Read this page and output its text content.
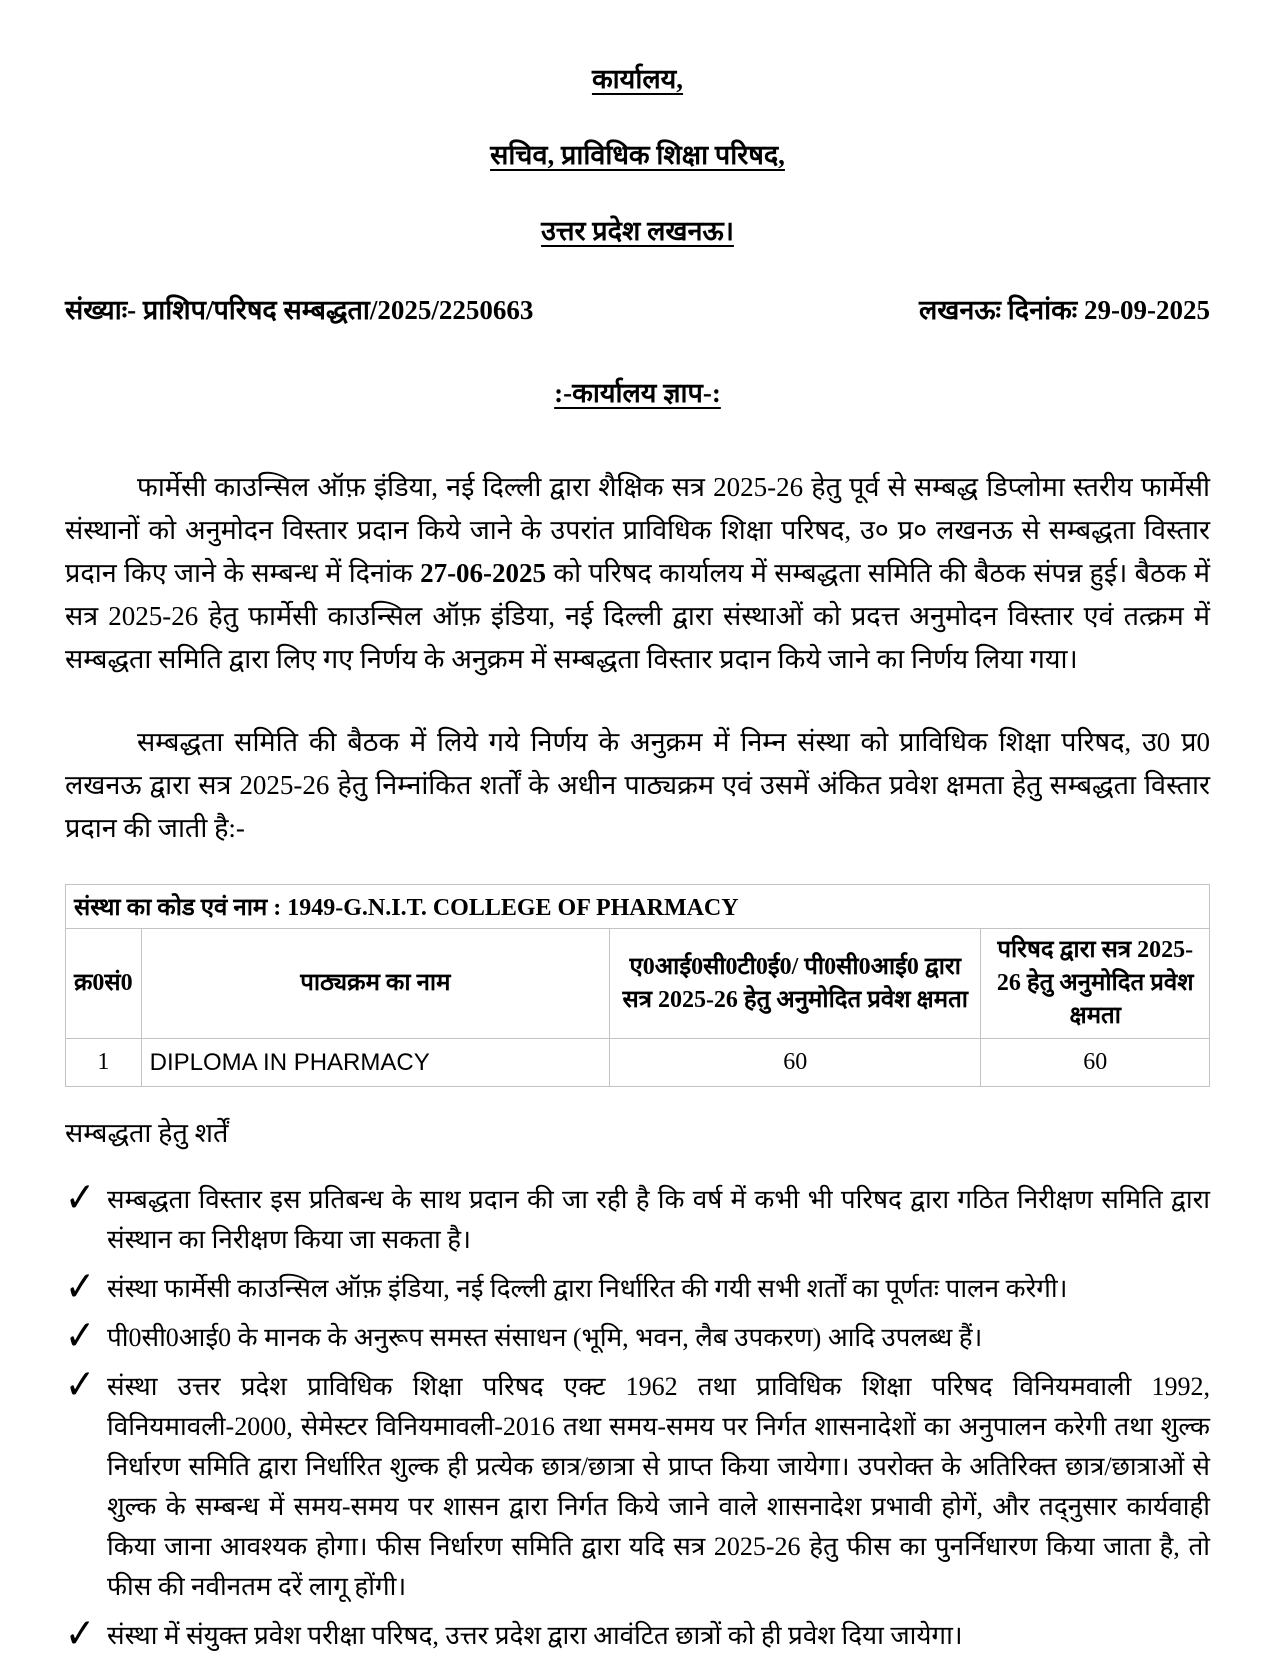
कार्यालय,
सचिव, प्राविधिक शिक्षा परिषद,
उत्तर प्रदेश लखनऊ।
संख्याः- प्राशिप/परिषद सम्बद्धता/2025/2250663	लखनऊः दिनांकः 29-09-2025
:-कार्यालय ज्ञाप-:

फार्मेसी काउन्सिल ऑफ़ इंडिया, नई दिल्ली द्वारा शैक्षिक सत्र 2025-26 हेतु पूर्व से सम्बद्ध डिप्लोमा स्तरीय फार्मेसी संस्थानों को अनुमोदन विस्तार प्रदान किये जाने के उपरांत प्राविधिक शिक्षा परिषद, उ० प्र० लखनऊ से सम्बद्धता विस्तार प्रदान किए जाने के सम्बन्ध में दिनांक 27-06-2025 को परिषद कार्यालय में सम्बद्धता समिति की बैठक संपन्न हुई। बैठक में सत्र 2025-26 हेतु फार्मेसी काउन्सिल ऑफ़ इंडिया, नई दिल्ली द्वारा संस्थाओं को प्रदत्त अनुमोदन विस्तार एवं तत्क्रम में सम्बद्धता समिति द्वारा लिए गए निर्णय के अनुक्रम में सम्बद्धता विस्तार प्रदान किये जाने का निर्णय लिया गया।

सम्बद्धता समिति की बैठक में लिये गये निर्णय के अनुक्रम में निम्न संस्था को प्राविधिक शिक्षा परिषद, उ0 प्र0 लखनऊ द्वारा सत्र 2025-26 हेतु निम्नांकित शर्तों के अधीन पाठ्यक्रम एवं उसमें अंकित प्रवेश क्षमता हेतु सम्बद्धता विस्तार प्रदान की जाती है:-

संस्था का कोड एवं नाम : 1949-G.N.I.T. COLLEGE OF PHARMACY			
क्र0सं0	पाठ्यक्रम का नाम	ए0आई0सी0टी0ई0/ पी0सी0आई0 द्वारा सत्र 2025-26 हेतु अनुमोदित प्रवेश क्षमता	परिषद द्वारा सत्र 2025-26 हेतु अनुमोदित प्रवेश क्षमता
1	DIPLOMA IN PHARMACY	60	60
सम्बद्धता हेतु शर्तें
✓ सम्बद्धता विस्तार इस प्रतिबन्ध के साथ प्रदान की जा रही है कि वर्ष में कभी भी परिषद द्वारा गठित निरीक्षण समिति द्वारा संस्थान का निरीक्षण किया जा सकता है।
✓ संस्था फार्मेसी काउन्सिल ऑफ़ इंडिया, नई दिल्ली द्वारा निर्धारित की गयी सभी शर्तों का पूर्णतः पालन करेगी।
✓ पी0सी0आई0 के मानक के अनुरूप समस्त संसाधन (भूमि, भवन, लैब उपकरण) आदि उपलब्ध हैं।
✓ संस्था उत्तर प्रदेश प्राविधिक शिक्षा परिषद एक्ट 1962 तथा प्राविधिक शिक्षा परिषद विनियमवाली 1992, विनियमावली-2000, सेमेस्टर विनियमावली-2016 तथा समय-समय पर निर्गत शासनादेशों का अनुपालन करेगी तथा शुल्क निर्धारण समिति द्वारा निर्धारित शुल्क ही प्रत्येक छात्र/छात्रा से प्राप्त किया जायेगा। उपरोक्त के अतिरिक्त छात्र/छात्राओं से शुल्क के सम्बन्ध में समय-समय पर शासन द्वारा निर्गत किये जाने वाले शासनादेश प्रभावी होगें, और तद्नुसार कार्यवाही किया जाना आवश्यक होगा। फीस निर्धारण समिति द्वारा यदि सत्र 2025-26 हेतु फीस का पुनर्निधारण किया जाता है, तो फीस की नवीनतम दरें लागू होंगी।
✓ संस्था में संयुक्त प्रवेश परीक्षा परिषद, उत्तर प्रदेश द्वारा आवंटित छात्रों को ही प्रवेश दिया जायेगा।
